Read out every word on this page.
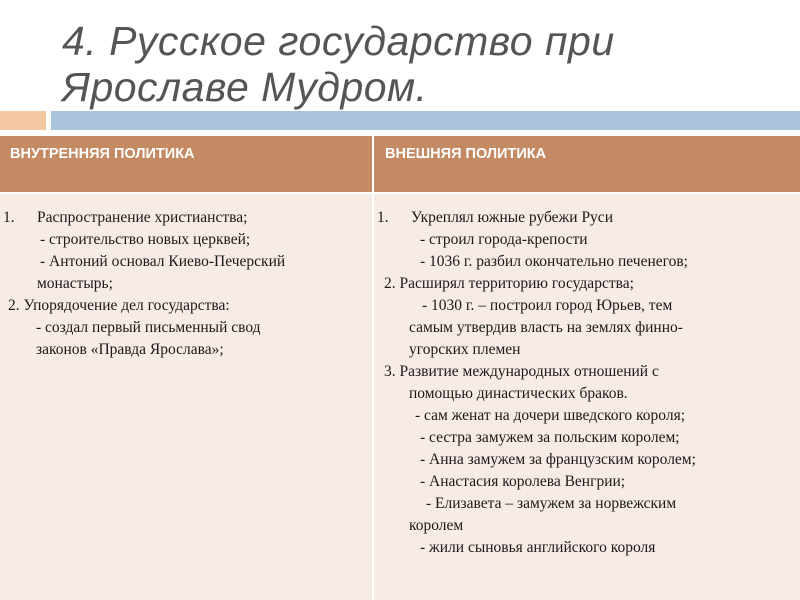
4. Русское государство при
Ярославе Мудром.
ВНУТРЕННЯЯ ПОЛИТИКА	ВНЕШНЯЯ ПОЛИТИКА
1. Распространение христианства;
- строительство новых церквей;
- Антоний основал Киево-Печерский
монастырь;
2. Упорядочение дел государства:
- создал первый письменный свод
законов «Правда Ярослава»;
1. Укреплял южные рубежи Руси
- строил города-крепости
- 1036 г. разбил окончательно печенегов;
2. Расширял территорию государства;
- 1030 г. – построил город Юрьев, тем
самым утвердив власть на землях финно-
угорских племен
3. Развитие международных отношений с
помощью династических браков.
- сам женат на дочери шведского короля;
- сестра замужем за польским королем;
- Анна замужем за французским королем;
- Анастасия королева Венгрии;
- Елизавета – замужем за норвежским
королем
- жили сыновья английского короля
